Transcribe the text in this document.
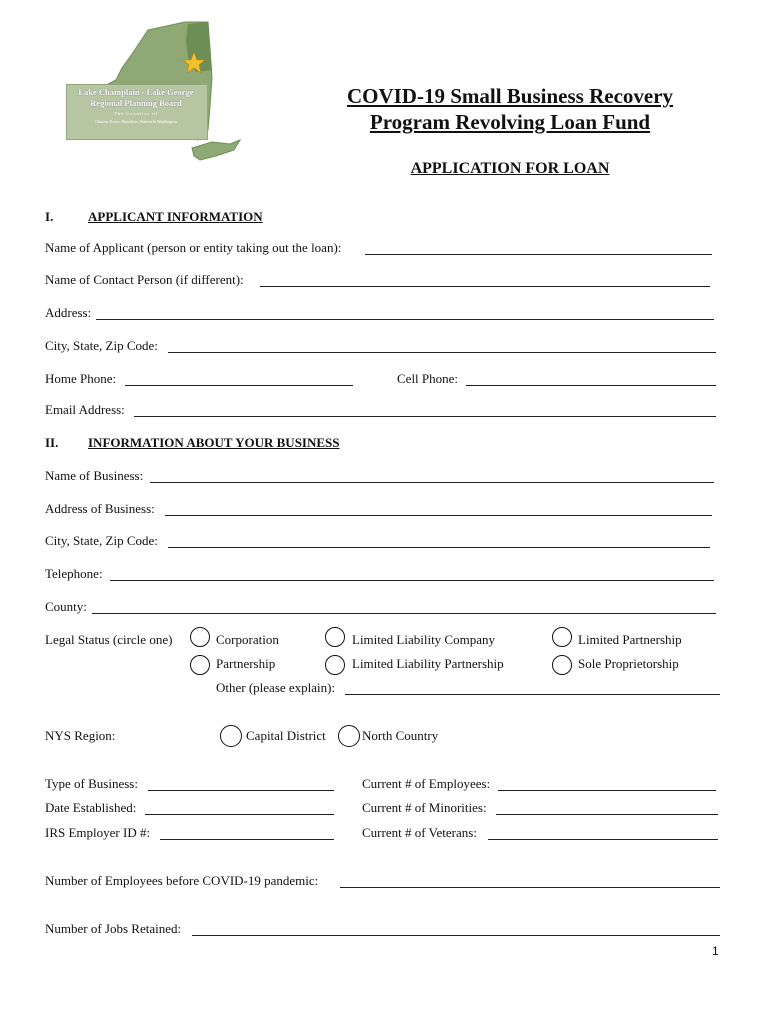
Lake Champlain - Lake George
Regional Planning Board
The Counties of
Clinton, Essex, Hamilton, Warren & Washington
COVID-19 Small Business Recovery
Program Revolving Loan Fund
APPLICATION FOR LOAN
I.	APPLICANT INFORMATION
Name of Applicant (person or entity taking out the loan):
Name of Contact Person (if different):
Address:
City, State, Zip Code:
Home Phone:	Cell Phone:
Email Address:
II. INFORMATION ABOUT YOUR BUSINESS
Name of Business:
Address of Business:
City, State, Zip Code:
Telephone:
County:
Legal Status (circle one)	Corporation	Limited Liability Company	Limited Partnership
Partnership	Limited Liability Partnership	Sole Proprietorship
Other (please explain):
NYS Region:	Capital District	North Country
Type of Business:	Current # of Employees:
Date Established:	Current # of Minorities:
IRS Employer ID #:	Current # of Veterans:
Number of Employees before COVID-19 pandemic:
Number of Jobs Retained:
1
